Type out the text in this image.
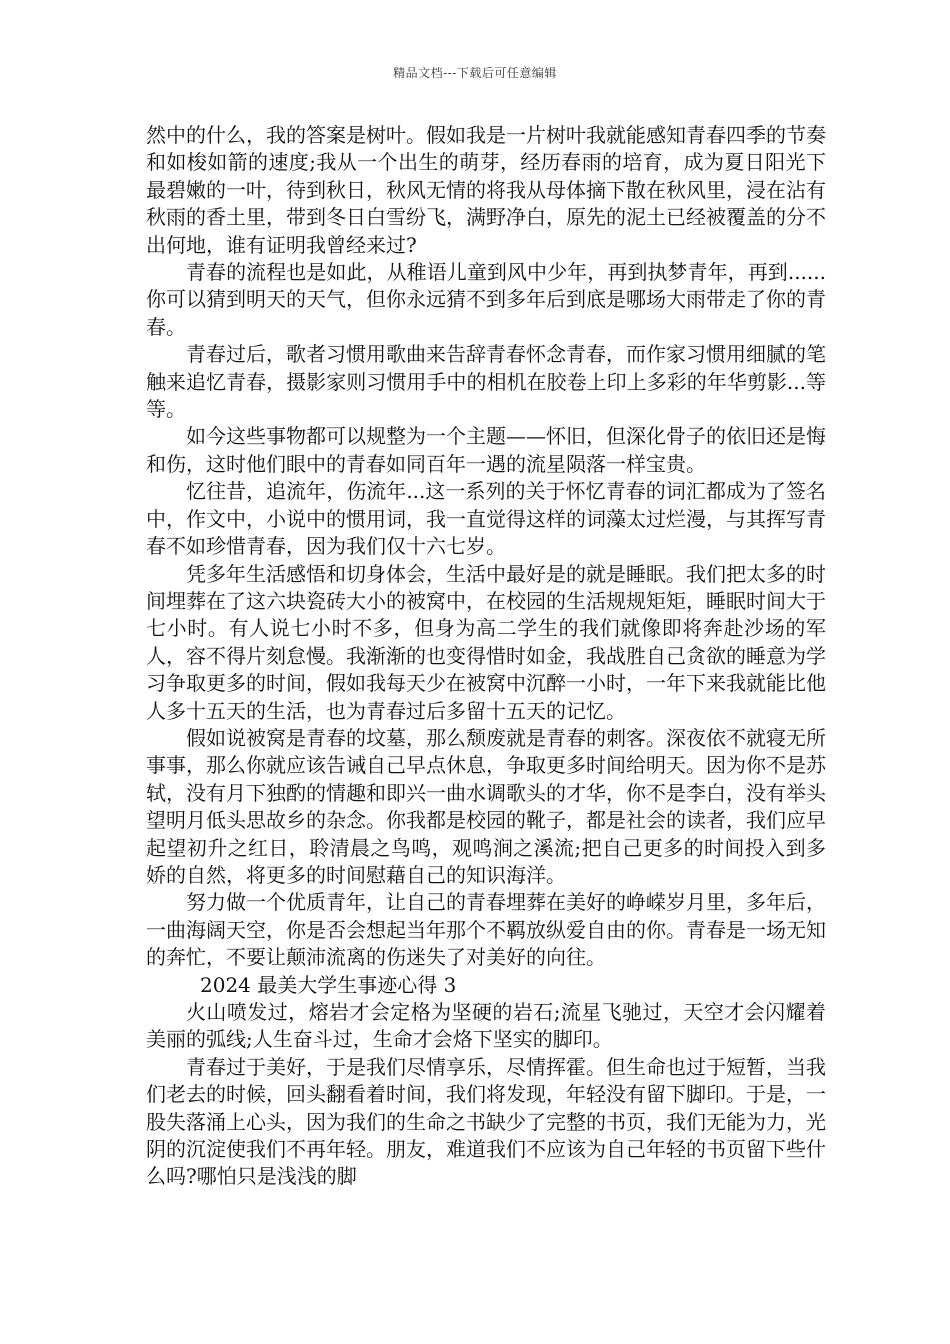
精品文档---下载后可任意编辑

然中的什么，我的答案是树叶。假如我是一片树叶我就能感知青春四季的节奏和如梭如箭的速度;我从一个出生的萌芽，经历春雨的培育，成为夏日阳光下最碧嫩的一叶，待到秋日，秋风无情的将我从母体摘下散在秋风里，浸在沾有秋雨的香土里，带到冬日白雪纷飞，满野净白，原先的泥土已经被覆盖的分不出何地，谁有证明我曾经来过?

青春的流程也是如此，从稚语儿童到风中少年，再到执梦青年，再到......你可以猜到明天的天气，但你永远猜不到多年后到底是哪场大雨带走了你的青春。

青春过后，歌者习惯用歌曲来告辞青春怀念青春，而作家习惯用细腻的笔触来追忆青春，摄影家则习惯用手中的相机在胶卷上印上多彩的年华剪影...等等。

如今这些事物都可以规整为一个主题——怀旧，但深化骨子的依旧还是悔和伤，这时他们眼中的青春如同百年一遇的流星陨落一样宝贵。

忆往昔，追流年，伤流年...这一系列的关于怀忆青春的词汇都成为了签名中，作文中，小说中的惯用词，我一直觉得这样的词藻太过烂漫，与其挥写青春不如珍惜青春，因为我们仅十六七岁。

凭多年生活感悟和切身体会，生活中最好是的就是睡眠。我们把太多的时间埋葬在了这六块瓷砖大小的被窝中，在校园的生活规规矩矩，睡眠时间大于七小时。有人说七小时不多，但身为高二学生的我们就像即将奔赴沙场的军人，容不得片刻怠慢。我渐渐的也变得惜时如金，我战胜自己贪欲的睡意为学习争取更多的时间，假如我每天少在被窝中沉醉一小时，一年下来我就能比他人多十五天的生活，也为青春过后多留十五天的记忆。

假如说被窝是青春的坟墓，那么颓废就是青春的刺客。深夜依不就寝无所事事，那么你就应该告诫自己早点休息，争取更多时间给明天。因为你不是苏轼，没有月下独酌的情趣和即兴一曲水调歌头的才华，你不是李白，没有举头望明月低头思故乡的杂念。你我都是校园的靴子，都是社会的读者，我们应早起望初升之红日，聆清晨之鸟鸣，观鸣涧之溪流;把自己更多的时间投入到多娇的自然，将更多的时间慰藉自己的知识海洋。

努力做一个优质青年，让自己的青春埋葬在美好的峥嵘岁月里，多年后，一曲海阔天空，你是否会想起当年那个不羁放纵爱自由的你。青春是一场无知的奔忙，不要让颠沛流离的伤迷失了对美好的向往。

2024 最美大学生事迹心得 3

火山喷发过，熔岩才会定格为坚硬的岩石;流星飞驰过，天空才会闪耀着美丽的弧线;人生奋斗过，生命才会烙下坚实的脚印。

青春过于美好，于是我们尽情享乐，尽情挥霍。但生命也过于短暂，当我们老去的时候，回头翻看着时间，我们将发现，年轻没有留下脚印。于是，一股失落涌上心头，因为我们的生命之书缺少了完整的书页，我们无能为力，光阴的沉淀使我们不再年轻。朋友，难道我们不应该为自己年轻的书页留下些什么吗?哪怕只是浅浅的脚
